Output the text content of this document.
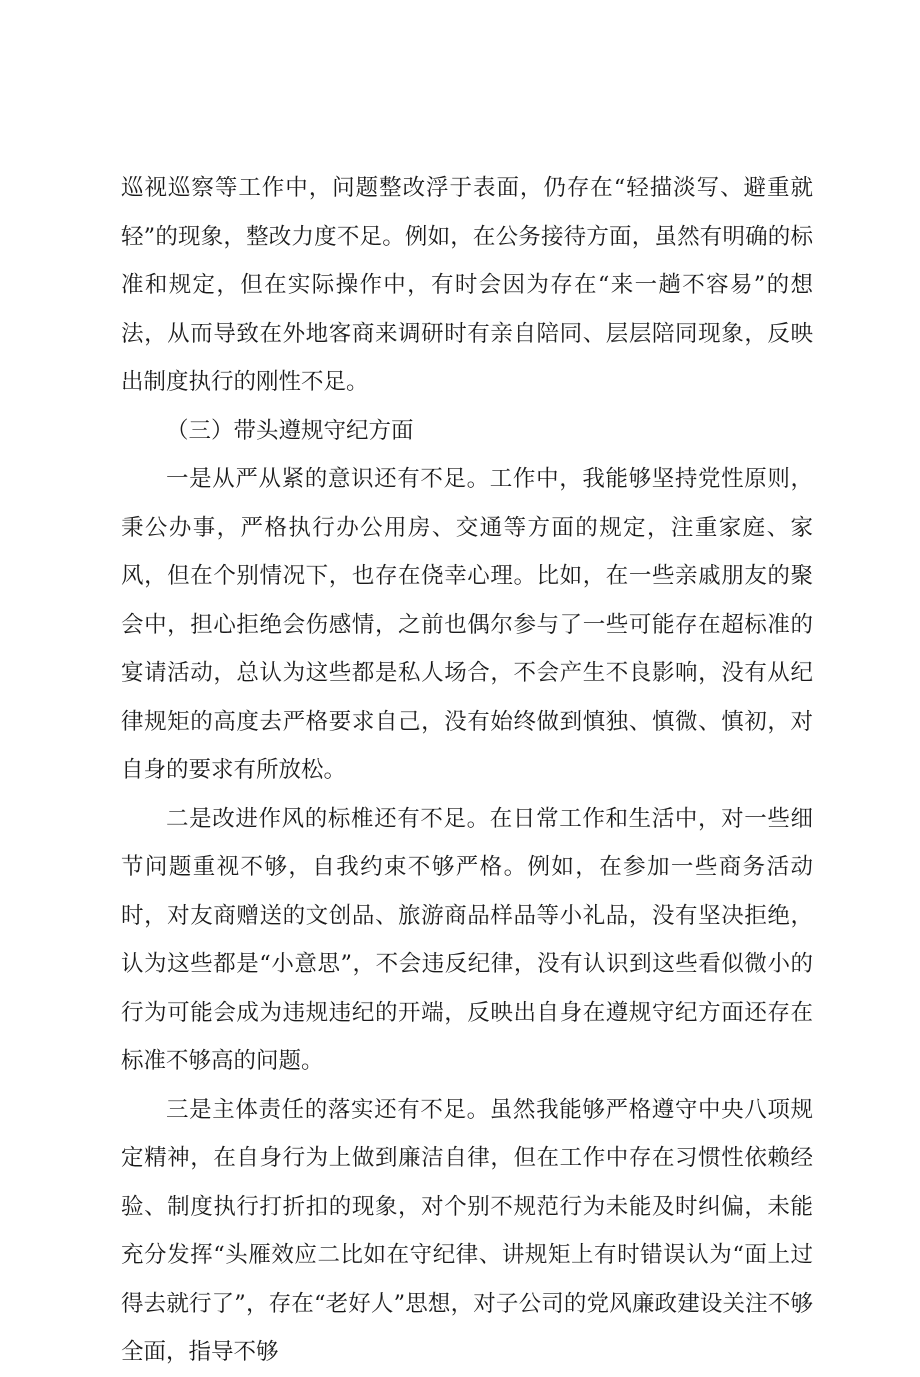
巡视巡察等工作中，问题整改浮于表面，仍存在“轻描淡写、避重就轻”的现象，整改力度不足。例如，在公务接待方面，虽然有明确的标准和规定，但在实际操作中，有时会因为存在“来一趟不容易”的想法，从而导致在外地客商来调研时有亲自陪同、层层陪同现象，反映出制度执行的刚性不足。

（三）带头遵规守纪方面

一是从严从紧的意识还有不足。工作中，我能够坚持党性原则，秉公办事，严格执行办公用房、交通等方面的规定，注重家庭、家风，但在个别情况下，也存在侥幸心理。比如，在一些亲戚朋友的聚会中，担心拒绝会伤感情，之前也偶尔参与了一些可能存在超标准的宴请活动，总认为这些都是私人场合，不会产生不良影响，没有从纪律规矩的高度去严格要求自己，没有始终做到慎独、慎微、慎初，对自身的要求有所放松。

二是改进作风的标椎还有不足。在日常工作和生活中，对一些细节问题重视不够，自我约束不够严格。例如，在参加一些商务活动时，对友商赠送的文创品、旅游商品样品等小礼品，没有坚决拒绝，认为这些都是“小意思”，不会违反纪律，没有认识到这些看似微小的行为可能会成为违规违纪的开端，反映出自身在遵规守纪方面还存在标准不够高的问题。

三是主体责任的落实还有不足。虽然我能够严格遵守中央八项规定精神，在自身行为上做到廉洁自律，但在工作中存在习惯性依赖经验、制度执行打折扣的现象，对个别不规范行为未能及时纠偏，未能充分发挥“头雁效应二比如在守纪律、讲规矩上有时错误认为“面上过得去就行了”，存在“老好人”思想，对子公司的党风廉政建设关注不够全面，指导不够
